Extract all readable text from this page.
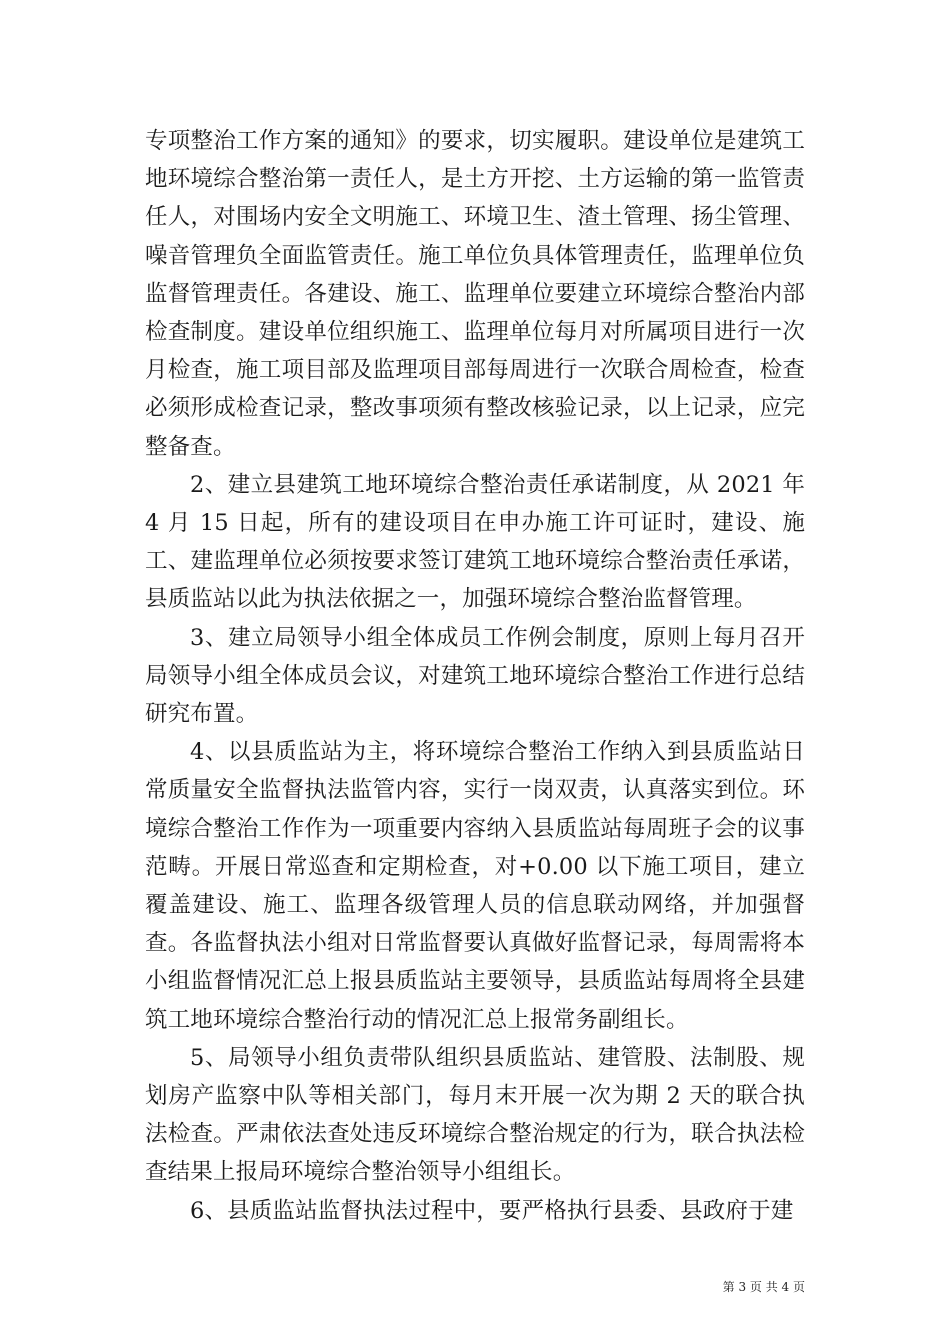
专项整治工作方案的通知》的要求，切实履职。建设单位是建筑工地环境综合整治第一责任人，是土方开挖、土方运输的第一监管责任人，对围场内安全文明施工、环境卫生、渣土管理、扬尘管理、噪音管理负全面监管责任。施工单位负具体管理责任，监理单位负监督管理责任。各建设、施工、监理单位要建立环境综合整治内部检查制度。建设单位组织施工、监理单位每月对所属项目进行一次月检查，施工项目部及监理项目部每周进行一次联合周检查，检查必须形成检查记录，整改事项须有整改核验记录，以上记录，应完整备查。

2、建立县建筑工地环境综合整治责任承诺制度，从 2021 年 4 月 15 日起，所有的建设项目在申办施工许可证时，建设、施工、建监理单位必须按要求签订建筑工地环境综合整治责任承诺，县质监站以此为执法依据之一，加强环境综合整治监督管理。

3、建立局领导小组全体成员工作例会制度，原则上每月召开局领导小组全体成员会议，对建筑工地环境综合整治工作进行总结研究布置。

4、以县质监站为主，将环境综合整治工作纳入到县质监站日常质量安全监督执法监管内容，实行一岗双责，认真落实到位。环境综合整治工作作为一项重要内容纳入县质监站每周班子会的议事范畴。开展日常巡查和定期检查，对+0.00 以下施工项目，建立覆盖建设、施工、监理各级管理人员的信息联动网络，并加强督查。各监督执法小组对日常监督要认真做好监督记录，每周需将本小组监督情况汇总上报县质监站主要领导，县质监站每周将全县建筑工地环境综合整治行动的情况汇总上报常务副组长。

5、局领导小组负责带队组织县质监站、建管股、法制股、规划房产监察中队等相关部门，每月末开展一次为期 2 天的联合执法检查。严肃依法查处违反环境综合整治规定的行为，联合执法检查结果上报局环境综合整治领导小组组长。

6、县质监站监督执法过程中，要严格执行县委、县政府于建

第 3 页 共 4 页
